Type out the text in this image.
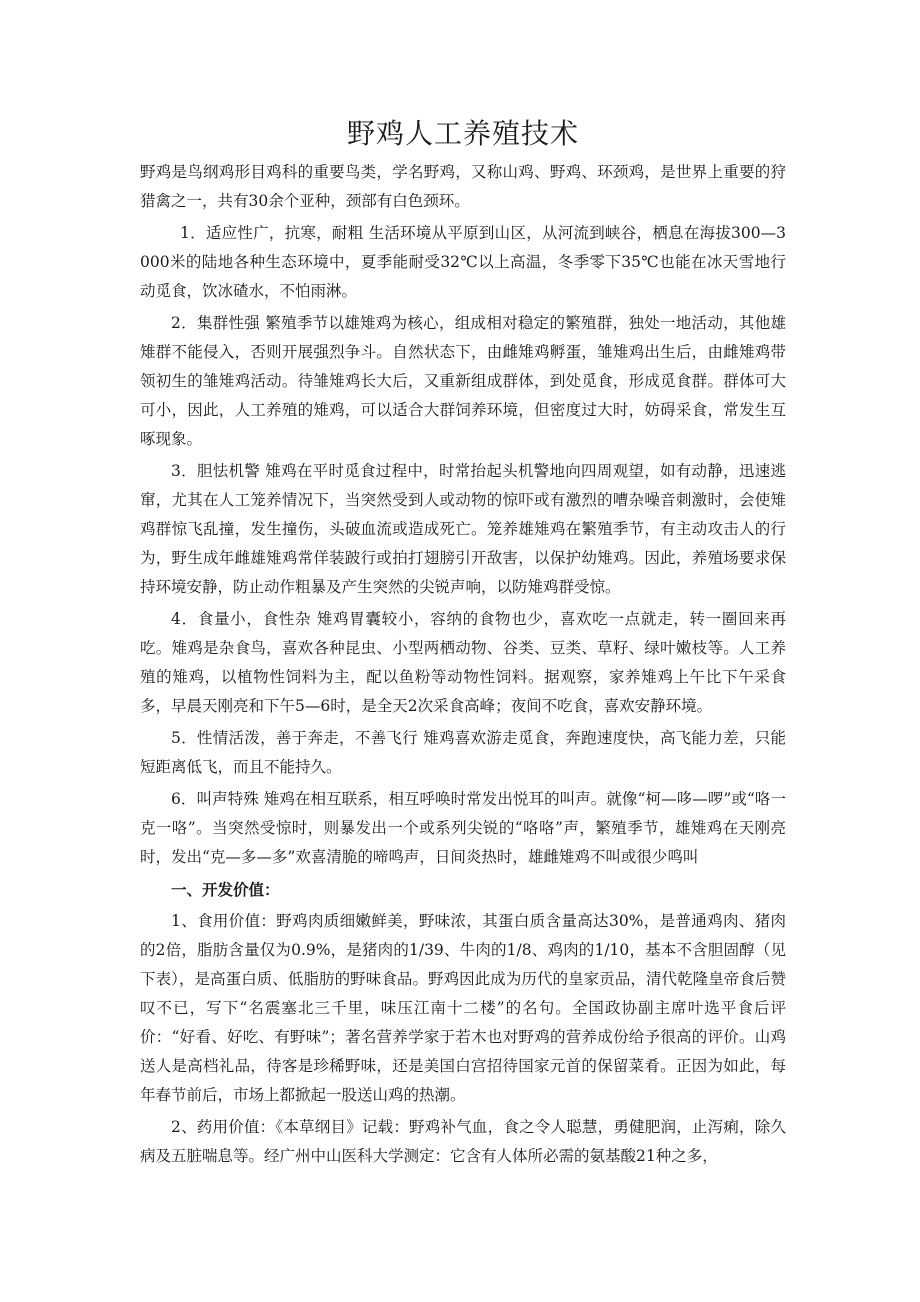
野鸡人工养殖技术

野鸡是鸟纲鸡形目鸡科的重要鸟类，学名野鸡，又称山鸡、野鸡、环颈鸡，是世界上重要的狩猎禽之一，共有30余个亚种，颈部有白色颈环。

1．适应性广，抗寒，耐粗 生活环境从平原到山区，从河流到峡谷，栖息在海拔300—3000米的陆地各种生态环境中，夏季能耐受32℃以上高温，冬季零下35℃也能在冰天雪地行动觅食，饮冰碴水，不怕雨淋。

2．集群性强 繁殖季节以雄雉鸡为核心，组成相对稳定的繁殖群，独处一地活动，其他雄雉群不能侵入，否则开展强烈争斗。自然状态下，由雌雉鸡孵蛋，雏雉鸡出生后，由雌雉鸡带领初生的雏雉鸡活动。待雏雉鸡长大后，又重新组成群体，到处觅食，形成觅食群。群体可大可小，因此，人工养殖的雉鸡，可以适合大群饲养环境，但密度过大时，妨碍采食，常发生互啄现象。

3．胆怯机警 雉鸡在平时觅食过程中，时常抬起头机警地向四周观望，如有动静，迅速逃窜，尤其在人工笼养情况下，当突然受到人或动物的惊吓或有激烈的嘈杂噪音刺激时，会使雉鸡群惊飞乱撞，发生撞伤，头破血流或造成死亡。笼养雄雉鸡在繁殖季节，有主动攻击人的行为，野生成年雌雄雉鸡常佯装跛行或拍打翅膀引开敌害，以保护幼雉鸡。因此，养殖场要求保持环境安静，防止动作粗暴及产生突然的尖锐声响，以防雉鸡群受惊。

4．食量小，食性杂 雉鸡胃囊较小，容纳的食物也少，喜欢吃一点就走，转一圈回来再吃。雉鸡是杂食鸟，喜欢各种昆虫、小型两栖动物、谷类、豆类、草籽、绿叶嫩枝等。人工养殖的雉鸡，以植物性饲料为主，配以鱼粉等动物性饲料。据观察，家养雉鸡上午比下午采食多，早晨天刚亮和下午5—6时，是全天2次采食高峰；夜间不吃食，喜欢安静环境。

5．性情活泼，善于奔走，不善飞行 雉鸡喜欢游走觅食，奔跑速度快，高飞能力差，只能短距离低飞，而且不能持久。

6．叫声特殊 雉鸡在相互联系，相互呼唤时常发出悦耳的叫声。就像“柯—哆—啰”或“咯一克一咯”。当突然受惊时，则暴发出一个或系列尖锐的“咯咯”声，繁殖季节，雄雉鸡在天刚亮时，发出“克—多—多”欢喜清脆的啼鸣声，日间炎热时，雄雌雉鸡不叫或很少鸣叫

一、开发价值：

1、食用价值：野鸡肉质细嫩鲜美，野味浓，其蛋白质含量高达30%，是普通鸡肉、猪肉的2倍，脂肪含量仅为0.9%，是猪肉的1/39、牛肉的1/8、鸡肉的1/10，基本不含胆固醇（见下表），是高蛋白质、低脂肪的野味食品。野鸡因此成为历代的皇家贡品，清代乾隆皇帝食后赞叹不已，写下“名震塞北三千里，味压江南十二楼”的名句。全国政协副主席叶选平食后评价：“好看、好吃、有野味”；著名营养学家于若木也对野鸡的营养成份给予很高的评价。山鸡送人是高档礼品，待客是珍稀野味，还是美国白宫招待国家元首的保留菜肴。正因为如此，每年春节前后，市场上都掀起一股送山鸡的热潮。

2、药用价值：《本草纲目》记载：野鸡补气血，食之令人聪慧，勇健肥润，止泻痢，除久病及五脏喘息等。经广州中山医科大学测定：它含有人体所必需的氨基酸21种之多，
